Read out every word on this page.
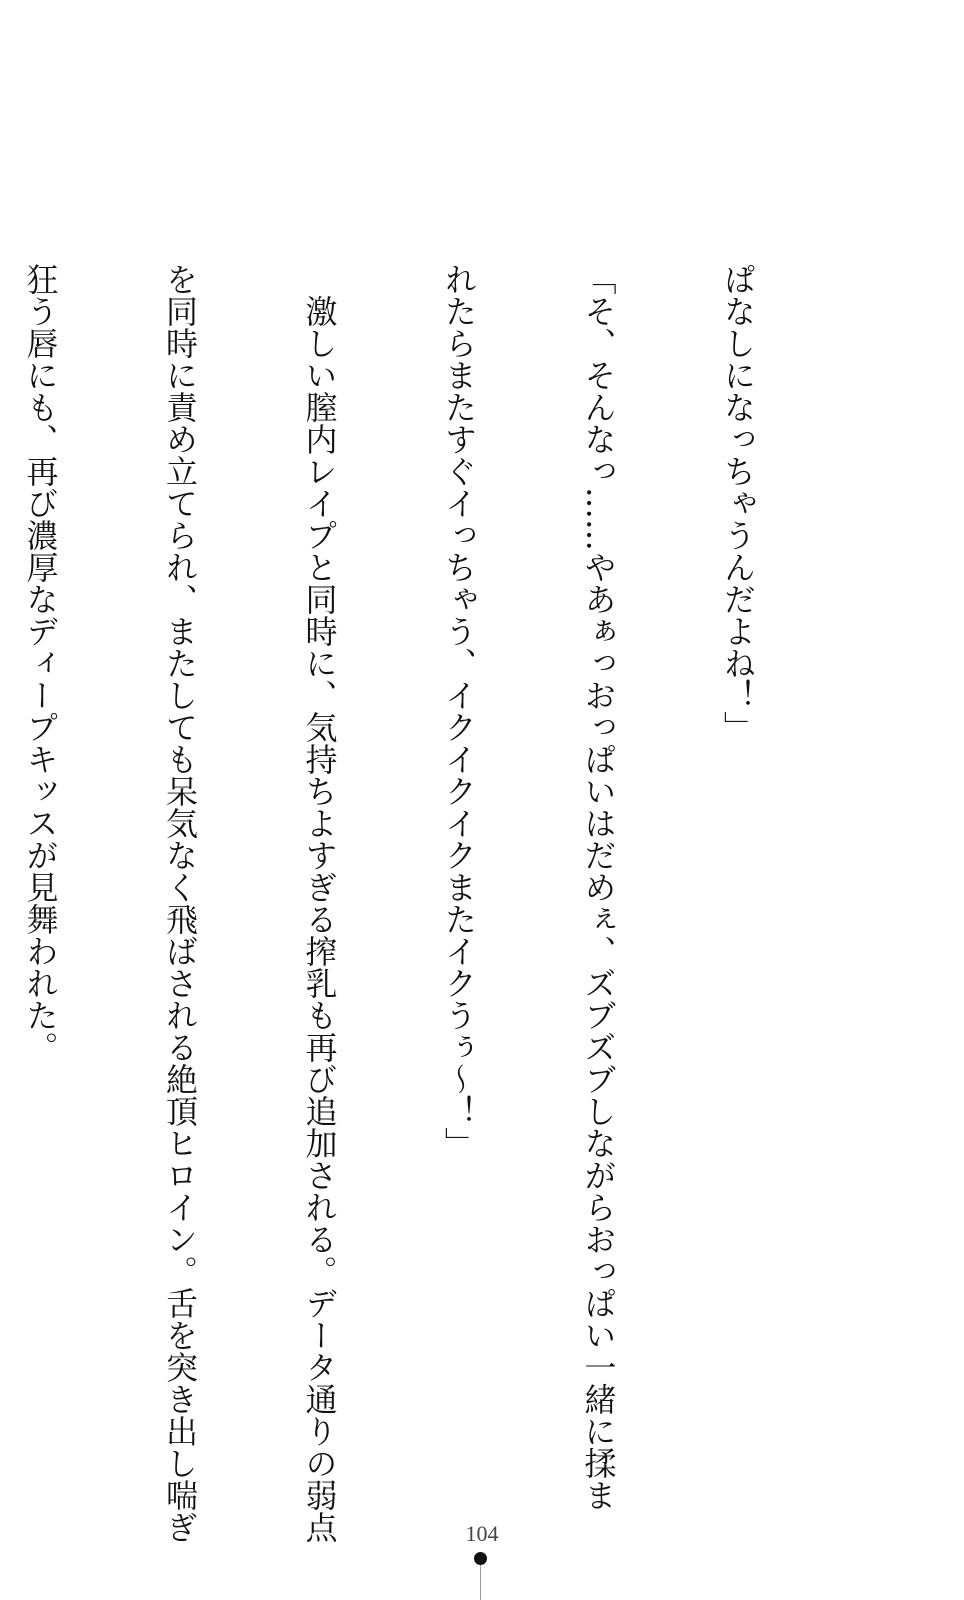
ぱなしになっちゃうんだよね！」

「そ、そんなっ……やあぁっおっぱいはだめぇ、ズブズブしながらおっぱい一緒に揉ま

れたらまたすぐイっちゃう、イクイクイクまたイクうぅ～！」

　激しい膣内レイプと同時に、気持ちよすぎる搾乳も再び追加される。データ通りの弱点

を同時に責め立てられ、またしても呆気なく飛ばされる絶頂ヒロイン。舌を突き出し喘ぎ

狂う唇にも、再び濃厚なディープキッスが見舞われた。

104
